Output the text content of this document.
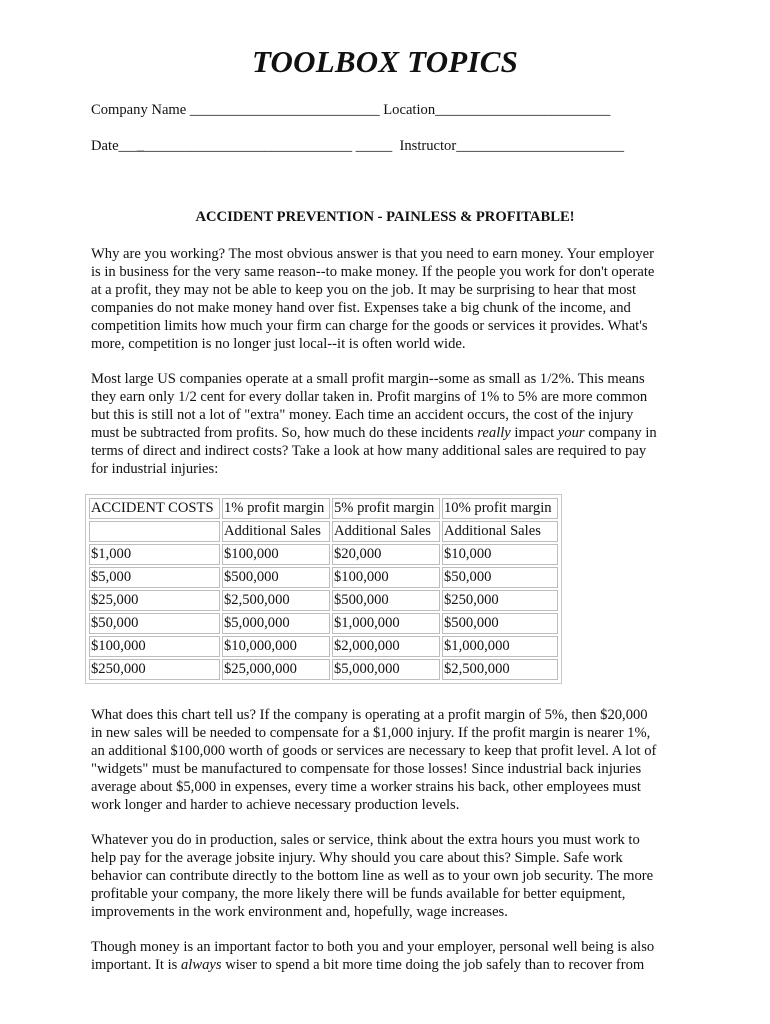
TOOLBOX TOPICS
Company Name __________________________ Location________________________
Date___̲_____________________________ _____  Instructor_______________________
ACCIDENT PREVENTION - PAINLESS & PROFITABLE!
Why are you working? The most obvious answer is that you need to earn money. Your employer
is in business for the very same reason--to make money. If the people you work for don't operate
at a profit, they may not be able to keep you on the job. It may be surprising to hear that most
companies do not make money hand over fist. Expenses take a big chunk of the income, and
competition limits how much your firm can charge for the goods or services it provides. What's
more, competition is no longer just local--it is often world wide.
Most large US companies operate at a small profit margin--some as small as 1/2%. This means
they earn only 1/2 cent for every dollar taken in. Profit margins of 1% to 5% are more common
but this is still not a lot of "extra" money. Each time an accident occurs, the cost of the injury
must be subtracted from profits. So, how much do these incidents really impact your company in
terms of direct and indirect costs? Take a look at how many additional sales are required to pay
for industrial injuries:
ACCIDENT COSTS	1% profit margin	5% profit margin	10% profit margin
	Additional Sales	Additional Sales	Additional Sales
$1,000	$100,000	$20,000	$10,000
$5,000	$500,000	$100,000	$50,000
$25,000	$2,500,000	$500,000	$250,000
$50,000	$5,000,000	$1,000,000	$500,000
$100,000	$10,000,000	$2,000,000	$1,000,000
$250,000	$25,000,000	$5,000,000	$2,500,000
What does this chart tell us? If the company is operating at a profit margin of 5%, then $20,000
in new sales will be needed to compensate for a $1,000 injury. If the profit margin is nearer 1%,
an additional $100,000 worth of goods or services are necessary to keep that profit level. A lot of
"widgets" must be manufactured to compensate for those losses! Since industrial back injuries
average about $5,000 in expenses, every time a worker strains his back, other employees must
work longer and harder to achieve necessary production levels.
Whatever you do in production, sales or service, think about the extra hours you must work to
help pay for the average jobsite injury. Why should you care about this? Simple. Safe work
behavior can contribute directly to the bottom line as well as to your own job security. The more
profitable your company, the more likely there will be funds available for better equipment,
improvements in the work environment and, hopefully, wage increases.
Though money is an important factor to both you and your employer, personal well being is also
important. It is always wiser to spend a bit more time doing the job safely than to recover from
